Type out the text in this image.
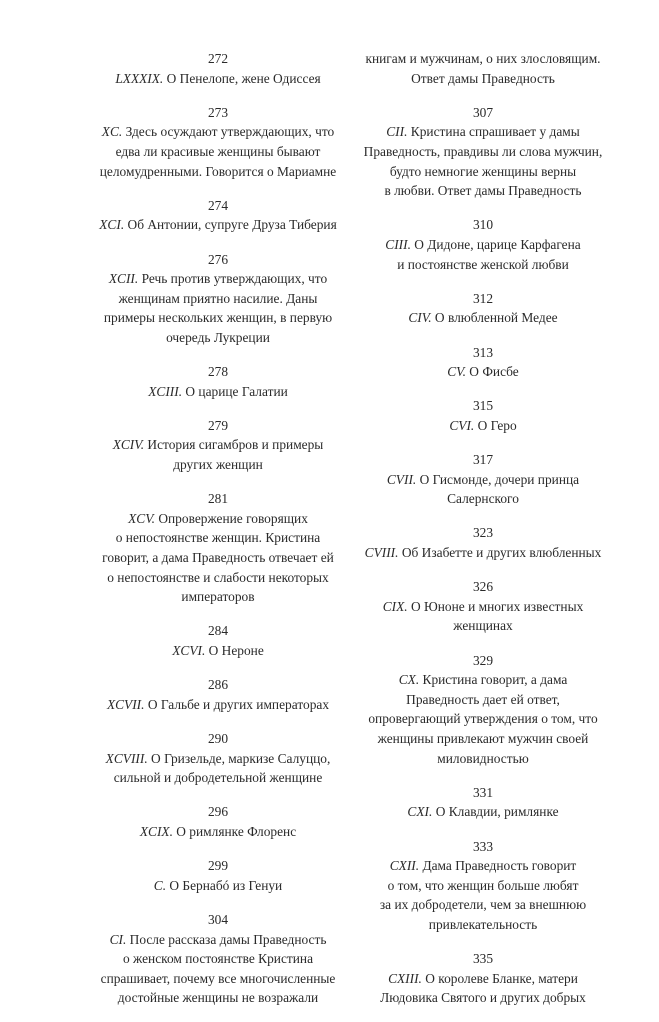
272
LXXXIX. О Пенелопе, жене Одиссея
273
XC. Здесь осуждают утверждающих, что
едва ли красивые женщины бывают
целомудренными. Говорится о Мариамне
274
XCI. Об Антонии, супруге Друза Тиберия
276
XCII. Речь против утверждающих, что
женщинам приятно насилие. Даны
примеры нескольких женщин, в первую
очередь Лукреции
278
XCIII. О царице Галатии
279
XCIV. История сигамбров и примеры
других женщин
281
XCV. Опровержение говорящих
о непостоянстве женщин. Кристина
говорит, а дама Праведность отвечает ей
о непостоянстве и слабости некоторых
императоров
284
XCVI. О Нероне
286
XCVII. О Гальбе и других императорах
290
XCVIII. О Гризельде, маркизе Салуццо,
сильной и добродетельной женщине
296
XCIX. О римлянке Флоренс
299
C. О Бернабó из Генуи
304
CI. После рассказа дамы Праведность
о женском постоянстве Кристина
спрашивает, почему все многочисленные
достойные женщины не возражали
книгам и мужчинам, о них злословящим.
Ответ дамы Праведность
307
CII. Кристина спрашивает у дамы
Праведность, правдивы ли слова мужчин,
будто немногие женщины верны
в любви. Ответ дамы Праведность
310
CIII. О Дидоне, царице Карфагена
и постоянстве женской любви
312
CIV. О влюбленной Медее
313
CV. О Фисбе
315
CVI. О Геро
317
CVII. О Гисмонде, дочери принца
Салернского
323
CVIII. Об Изабетте и других влюбленных
326
CIX. О Юноне и многих известных
женщинах
329
CX. Кристина говорит, а дама
Праведность дает ей ответ,
опровергающий утверждения о том, что
женщины привлекают мужчин своей
миловидностью
331
CXI. О Клавдии, римлянке
333
CXII. Дама Праведность говорит
о том, что женщин больше любят
за их добродетели, чем за внешнюю
привлекательность
335
CXIII. О королеве Бланке, матери
Людовика Святого и других добрых
